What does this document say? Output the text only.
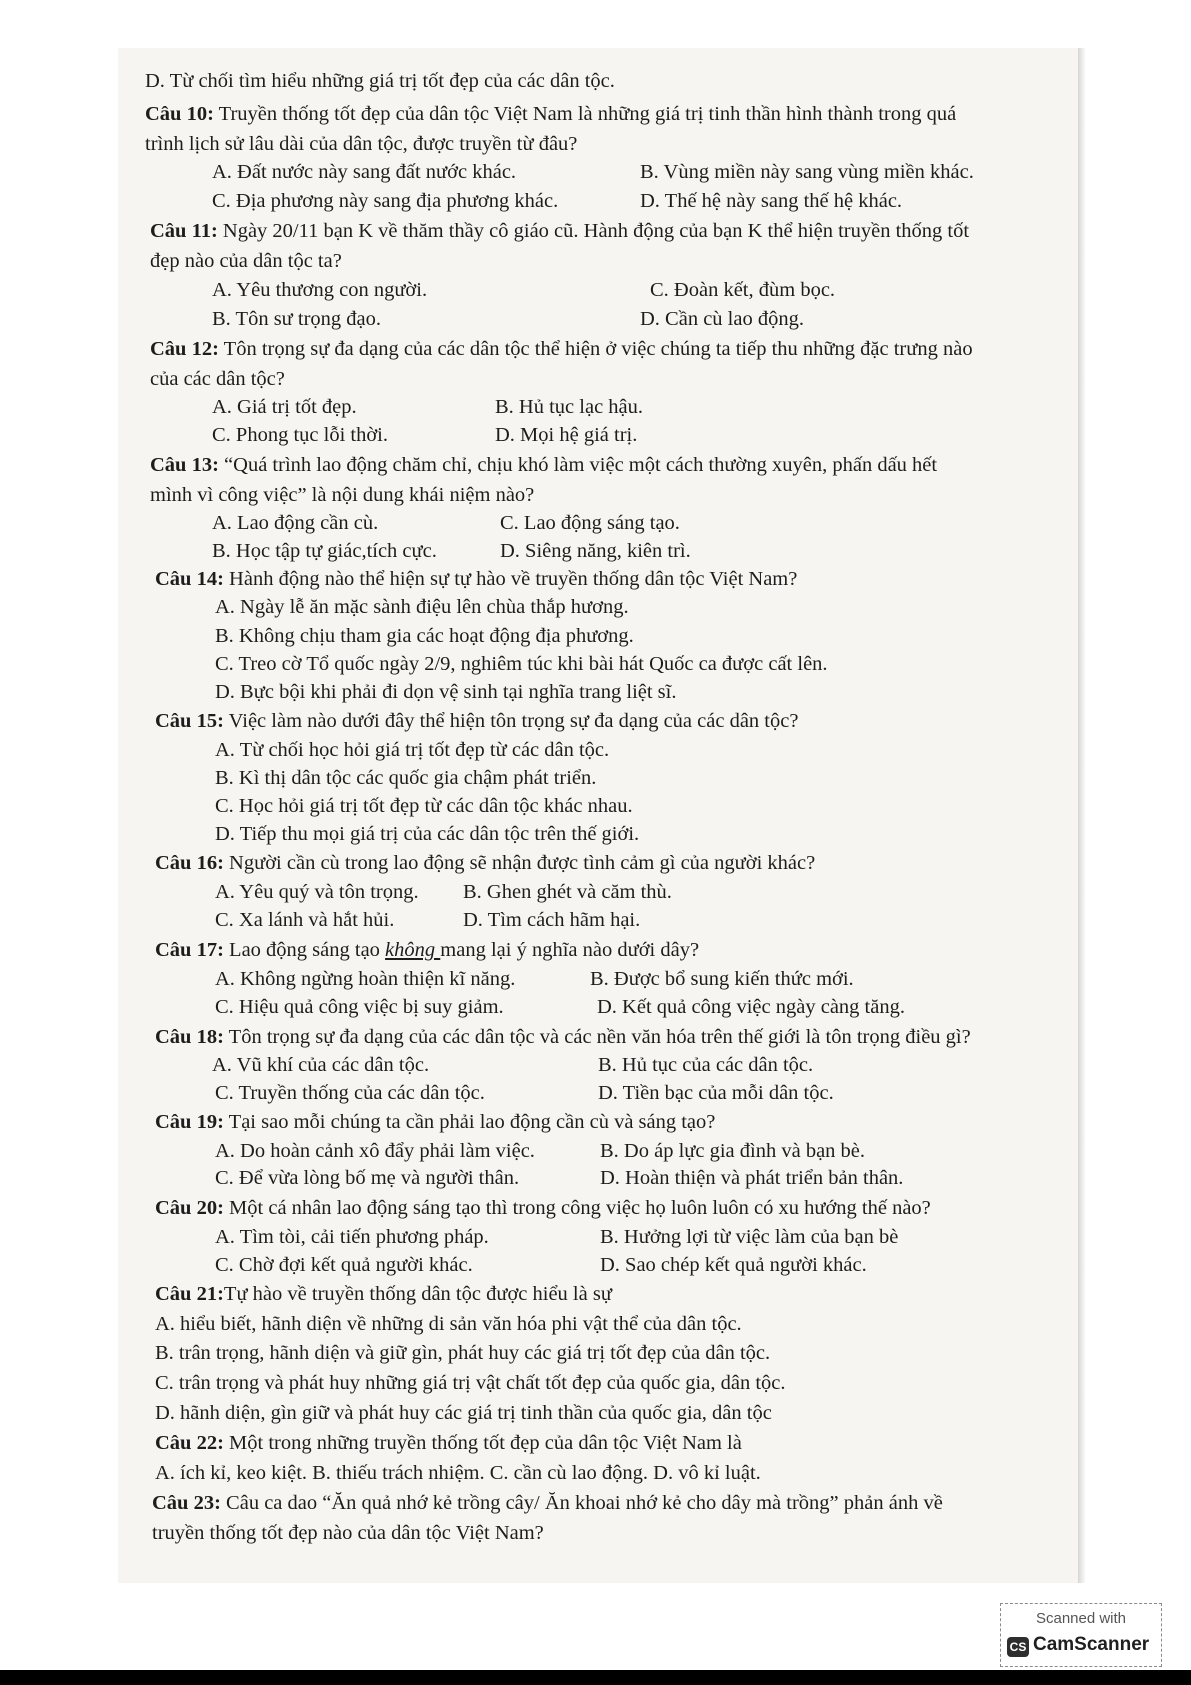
D. Từ chối tìm hiểu những giá trị tốt đẹp của các dân tộc.
Câu 10: Truyền thống tốt đẹp của dân tộc Việt Nam là những giá trị tinh thần hình thành trong quá
trình lịch sử lâu dài của dân tộc, được truyền từ đâu?
A. Đất nước này sang đất nước khác.	B. Vùng miền này sang vùng miền khác.
C. Địa phương này sang địa phương khác.	D. Thế hệ này sang thế hệ khác.
Câu 11: Ngày 20/11 bạn K về thăm thầy cô giáo cũ. Hành động của bạn K thể hiện truyền thống tốt
đẹp nào của dân tộc ta?
A. Yêu thương con người.	C. Đoàn kết, đùm bọc.
B. Tôn sư trọng đạo.	D. Cần cù lao động.
Câu 12: Tôn trọng sự đa dạng của các dân tộc thể hiện ở việc chúng ta tiếp thu những đặc trưng nào
của các dân tộc?
A. Giá trị tốt đẹp.	B. Hủ tục lạc hậu.
C. Phong tục lỗi thời.	D. Mọi hệ giá trị.
Câu 13: “Quá trình lao động chăm chỉ, chịu khó làm việc một cách thường xuyên, phấn dấu hết
mình vì công việc” là nội dung khái niệm nào?
A. Lao động cần cù.	C. Lao động sáng tạo.
B. Học tập tự giác,tích cực.	D. Siêng năng, kiên trì.
Câu 14: Hành động nào thể hiện sự tự hào về truyền thống dân tộc Việt Nam?
A. Ngày lễ ăn mặc sành điệu lên chùa thắp hương.
B. Không chịu tham gia các hoạt động địa phương.
C. Treo cờ Tổ quốc ngày 2/9, nghiêm túc khi bài hát Quốc ca được cất lên.
D. Bực bội khi phải đi dọn vệ sinh tại nghĩa trang liệt sĩ.
Câu 15: Việc làm nào dưới đây thể hiện tôn trọng sự đa dạng của các dân tộc?
A. Từ chối học hỏi giá trị tốt đẹp từ các dân tộc.
B. Kì thị dân tộc các quốc gia chậm phát triển.
C. Học hỏi giá trị tốt đẹp từ các dân tộc khác nhau.
D. Tiếp thu mọi giá trị của các dân tộc trên thế giới.
Câu 16: Người cần cù trong lao động sẽ nhận được tình cảm gì của người khác?
A. Yêu quý và tôn trọng. B. Ghen ghét và căm thù.
C. Xa lánh và hắt hủi.	D. Tìm cách hãm hại.
Câu 17: Lao động sáng tạo không mang lại ý nghĩa nào dưới dây?
A. Không ngừng hoàn thiện kĩ năng.	B. Được bổ sung kiến thức mới.
C. Hiệu quả công việc bị suy giảm.	D. Kết quả công việc ngày càng tăng.
Câu 18: Tôn trọng sự đa dạng của các dân tộc và các nền văn hóa trên thế giới là tôn trọng điều gì?
A. Vũ khí của các dân tộc.	B. Hủ tục của các dân tộc.
C. Truyền thống của các dân tộc.	D. Tiền bạc của mỗi dân tộc.
Câu 19: Tại sao mỗi chúng ta cần phải lao động cần cù và sáng tạo?
A. Do hoàn cảnh xô đẩy phải làm việc.	B. Do áp lực gia đình và bạn bè.
C. Để vừa lòng bố mẹ và người thân.	D. Hoàn thiện và phát triển bản thân.
Câu 20: Một cá nhân lao động sáng tạo thì trong công việc họ luôn luôn có xu hướng thế nào?
A. Tìm tòi, cải tiến phương pháp.	B. Hưởng lợi từ việc làm của bạn bè
C. Chờ đợi kết quả người khác.	D. Sao chép kết quả người khác.
Câu 21:Tự hào về truyền thống dân tộc được hiểu là sự
A. hiểu biết, hãnh diện về những di sản văn hóa phi vật thể của dân tộc.
B. trân trọng, hãnh diện và giữ gìn, phát huy các giá trị tốt đẹp của dân tộc.
C. trân trọng và phát huy những giá trị vật chất tốt đẹp của quốc gia, dân tộc.
D. hãnh diện, gìn giữ và phát huy các giá trị tinh thần của quốc gia, dân tộc
Câu 22: Một trong những truyền thống tốt đẹp của dân tộc Việt Nam là
A. ích kỉ, keo kiệt. B. thiếu trách nhiệm. C. cần cù lao động. D. vô kỉ luật.
Câu 23: Câu ca dao “Ăn quả nhớ kẻ trồng cây/ Ăn khoai nhớ kẻ cho dây mà trồng” phản ánh về
truyền thống tốt đẹp nào của dân tộc Việt Nam?
Scanned with
CS CamScanner
